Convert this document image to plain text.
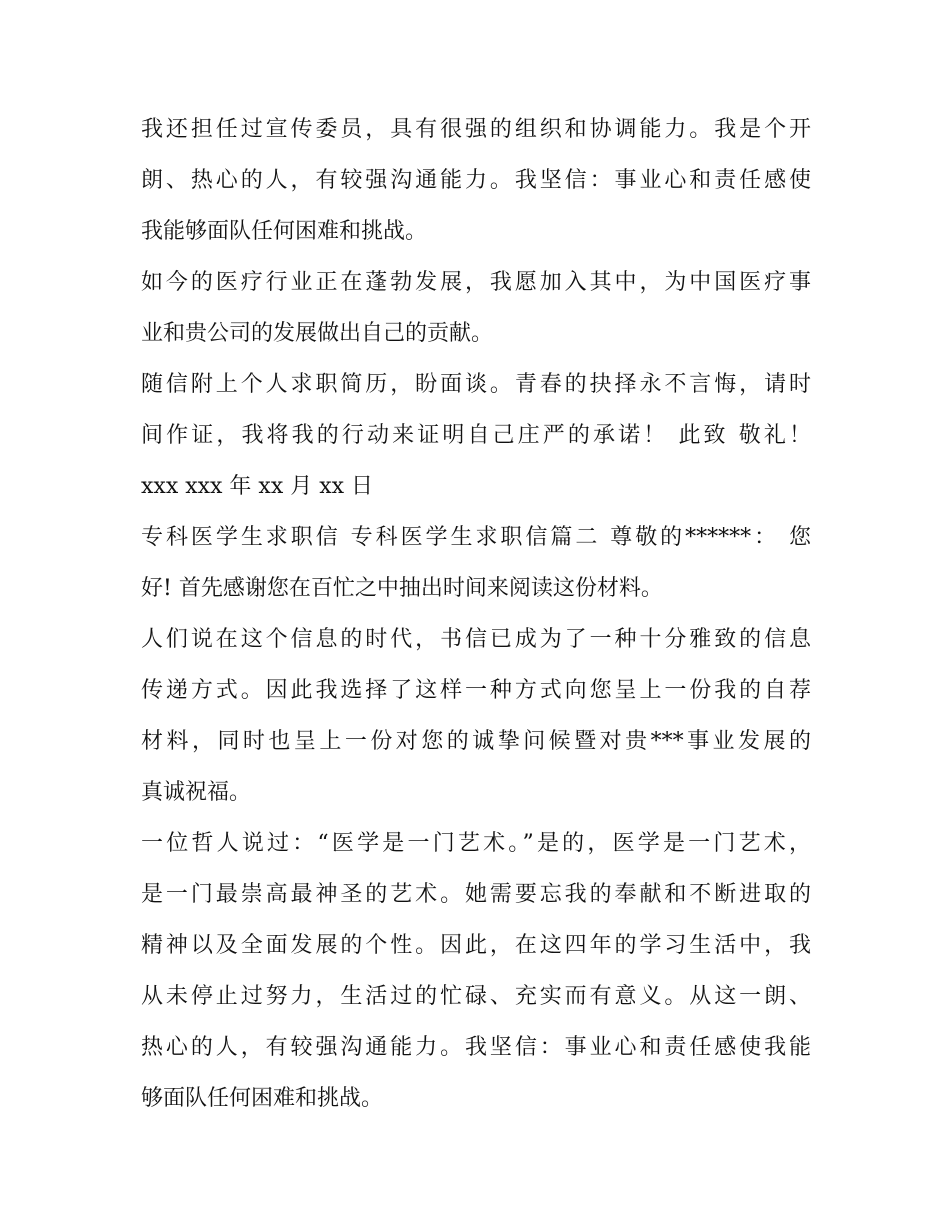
我还担任过宣传委员，具有很强的组织和协调能力。我是个开
朗、热心的人，有较强沟通能力。我坚信：事业心和责任感使
我能够面队任何困难和挑战。
如今的医疗行业正在蓬勃发展，我愿加入其中，为中国医疗事
业和贵公司的发展做出自己的贡献。
随信附上个人求职简历，盼面谈。青春的抉择永不言悔，请时
间作证，我将我的行动来证明自己庄严的承诺！ 此致 敬礼！
xxx xxx 年 xx 月 xx 日
专科医学生求职信 专科医学生求职信篇二 尊敬的******： 您
好! 首先感谢您在百忙之中抽出时间来阅读这份材料。
人们说在这个信息的时代，书信已成为了一种十分雅致的信息
传递方式。因此我选择了这样一种方式向您呈上一份我的自荐
材料，同时也呈上一份对您的诚挚问候暨对贵***事业发展的
真诚祝福。
一位哲人说过：“医学是一门艺术。”是的，医学是一门艺术，
是一门最崇高最神圣的艺术。她需要忘我的奉献和不断进取的
精神以及全面发展的个性。因此，在这四年的学习生活中，我
从未停止过努力，生活过的忙碌、充实而有意义。从这一朗、
热心的人，有较强沟通能力。我坚信：事业心和责任感使我能
够面队任何困难和挑战。
